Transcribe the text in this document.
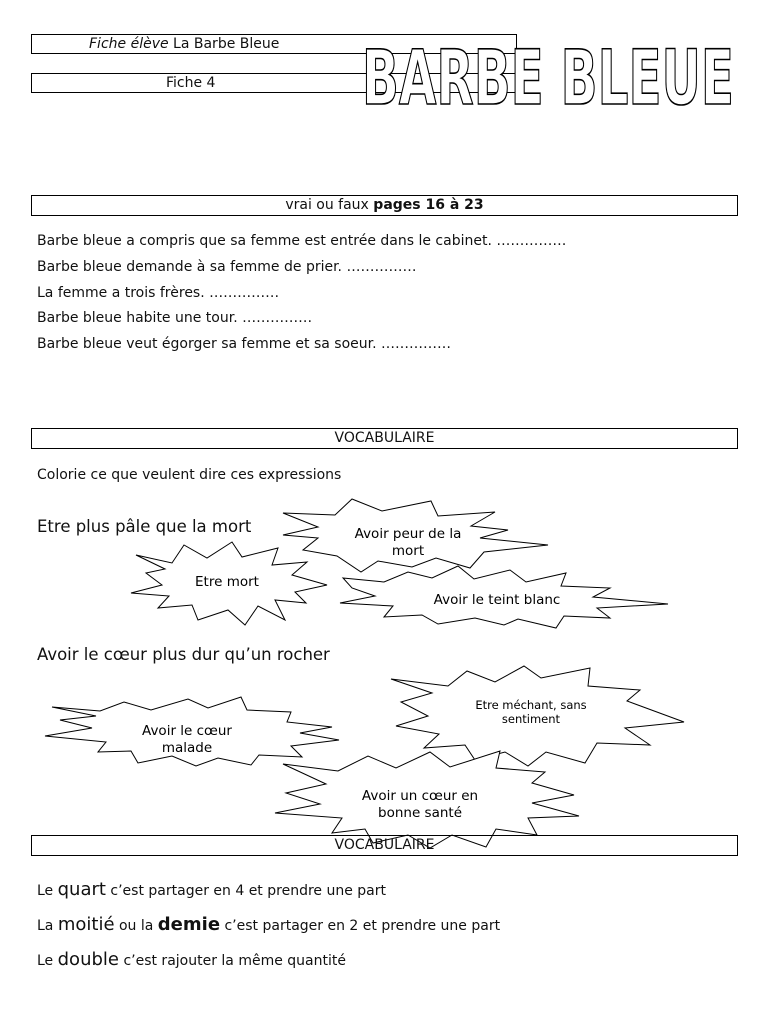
Fiche élève La Barbe Bleue
Fiche 4 BARBE BLEUE
vrai ou faux pages 16 à 23
Barbe bleue a compris que sa femme est entrée dans le cabinet. ……………
Barbe bleue demande à sa femme de prier. ……………
La femme a trois frères. ……………
Barbe bleue habite une tour. ……………
Barbe bleue veut égorger sa femme et sa soeur. ……………
VOCABULAIRE
Colorie ce que veulent dire ces expressions
Etre plus pâle que la mort
Avoir le cœur plus dur qu’un rocher
Avoir peur de la mort
Etre mort
Avoir le teint blanc
Etre méchant, sans sentiment
Avoir le cœur malade
Avoir un cœur en bonne santé
VOCABULAIRE
Le quart c’est partager en 4 et prendre une part
La moitié ou la demie c’est partager en 2 et prendre une part
Le double c’est rajouter la même quantité
